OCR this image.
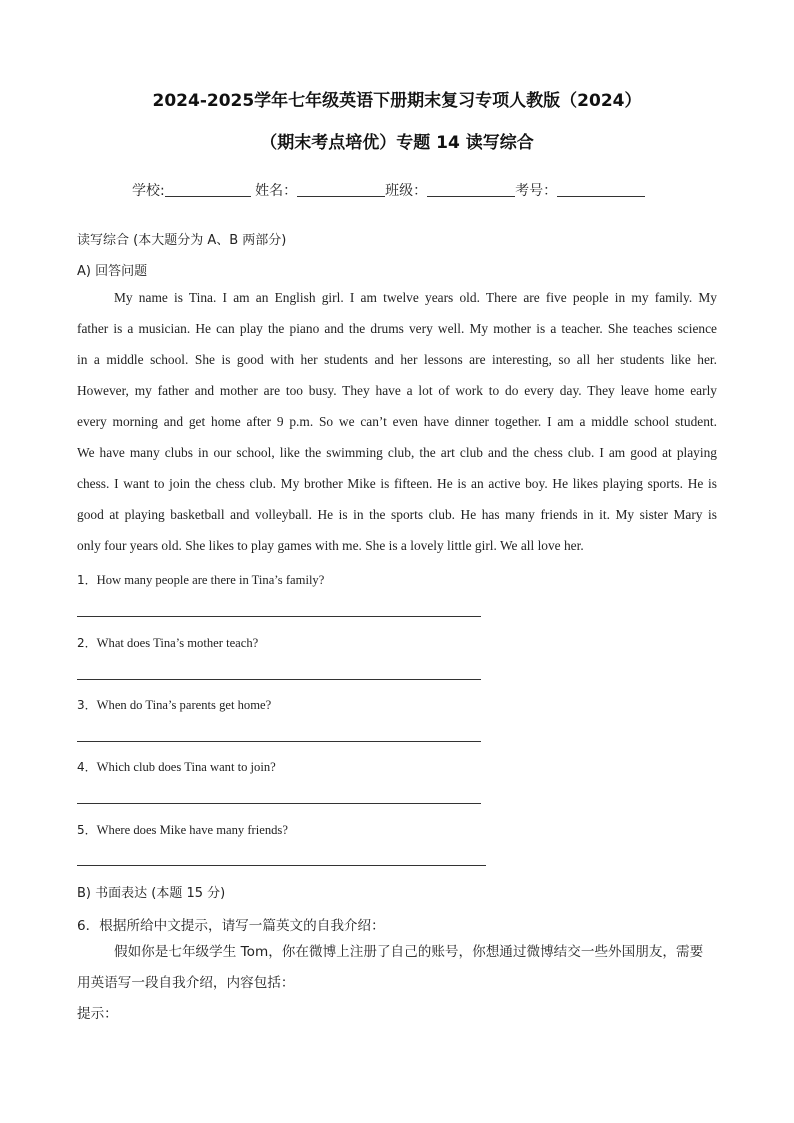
2024-2025学年七年级英语下册期末复习专项人教版（2024）
（期末考点培优）专题 14 读写综合
学校:	姓名：	班级：	考号：
读写综合 (本大题分为 A、B 两部分)
A) 回答问题

My name is Tina. I am an English girl. I am twelve years old. There are five people in my family. My

father is a musician. He can play the piano and the drums very well. My mother is a teacher. She teaches science

in a middle school. She is good with her students and her lessons are interesting, so all her students like her.

However, my father and mother are too busy. They have a lot of work to do every day. They leave home early

every morning and get home after 9 p.m. So we can’t even have dinner together. I am a middle school student.

We have many clubs in our school, like the swimming club, the art club and the chess club. I am good at playing

chess. I want to join the chess club. My brother Mike is fifteen. He is an active boy. He likes playing sports. He is

good at playing basketball and volleyball. He is in the sports club. He has many friends in it. My sister Mary is

only four years old. She likes to play games with me. She is a lovely little girl. We all love her.

1．How many people are there in Tina’s family?
2．What does Tina’s mother teach?
3．When do Tina’s parents get home?
4．Which club does Tina want to join?
5．Where does Mike have many friends?
B) 书面表达 (本题 15 分)
6．根据所给中文提示，请写一篇英文的自我介绍：
假如你是七年级学生 Tom，你在微博上注册了自己的账号，你想通过微博结交一些外国朋友，需要
用英语写一段自我介绍，内容包括：
提示：
